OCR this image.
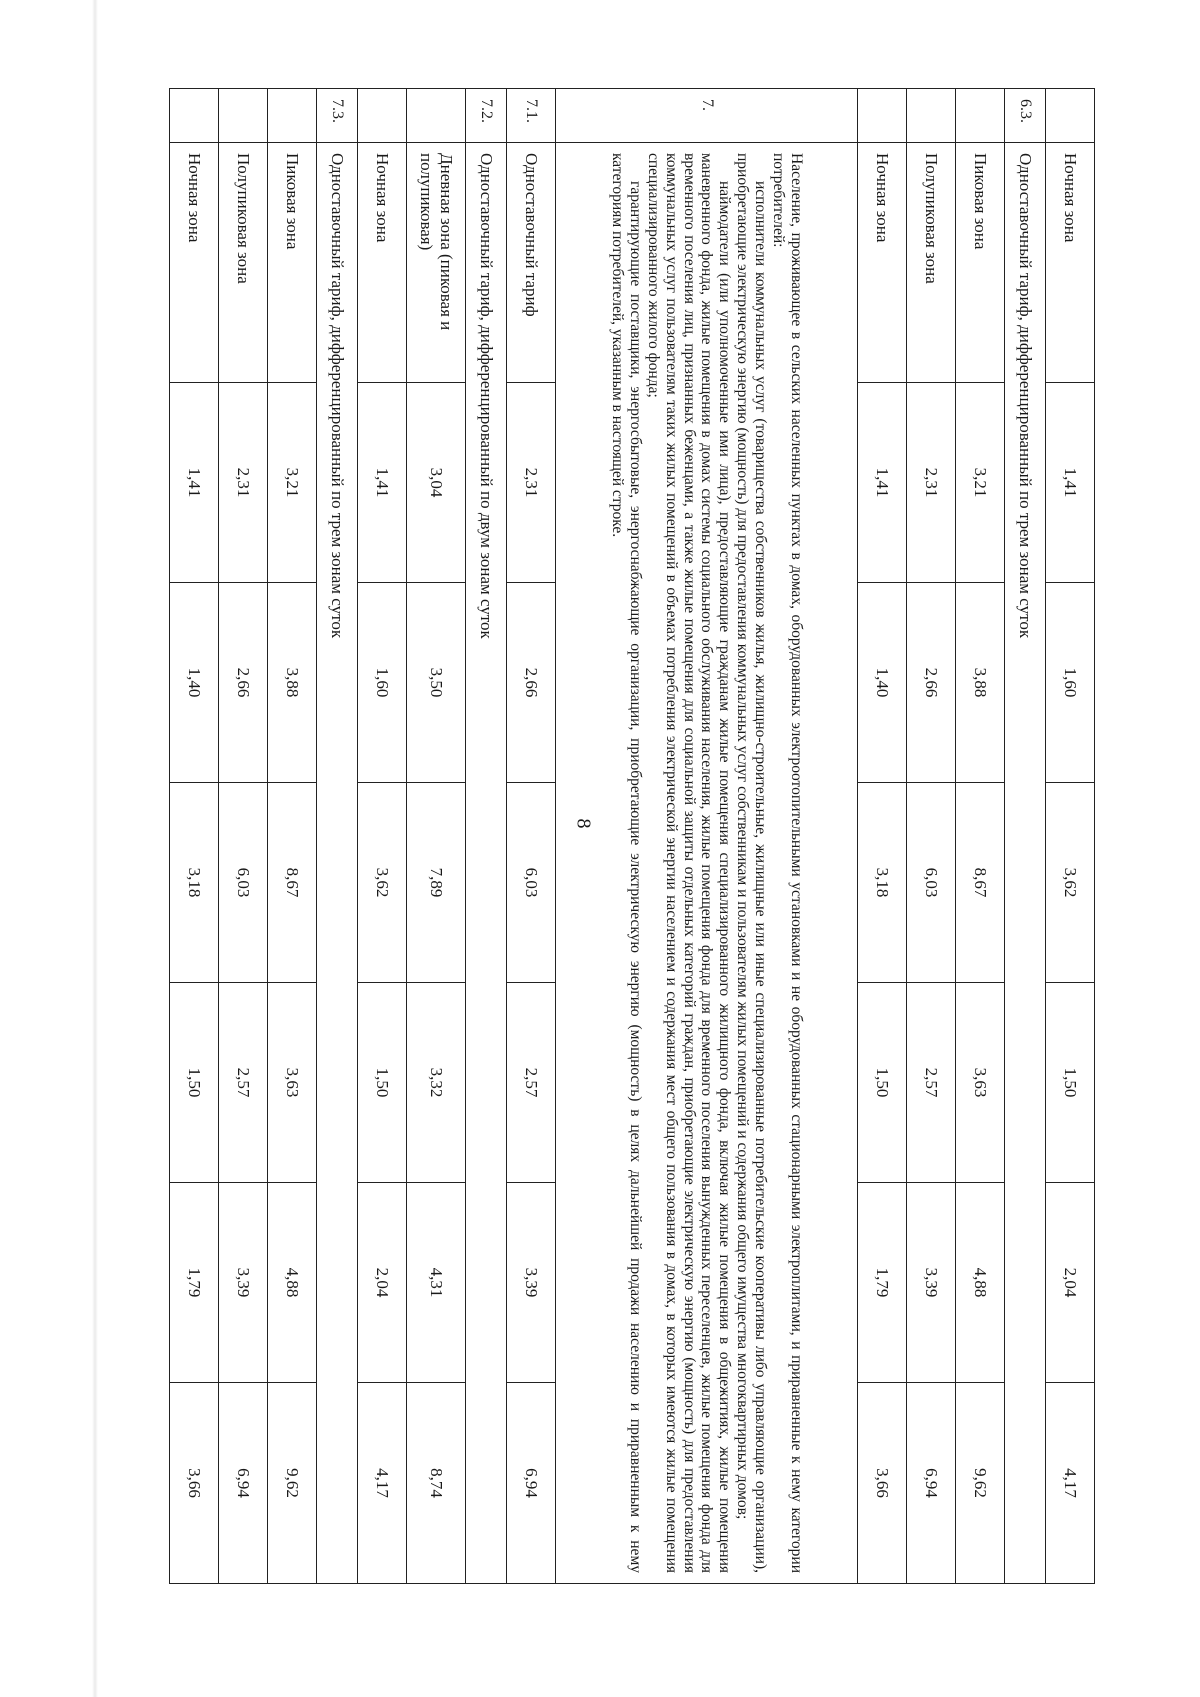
8
	Ночная зона	1,41	1,60	3,62	1,50	2,04	4,17
6.3.	Одноставочный тариф, дифференцированный по трем зонам суток						
	Пиковая зона	3,21	3,88	8,67	3,63	4,88	9,62
	Полупиковая зона	2,31	2,66	6,03	2,57	3,39	6,94
	Ночная зона	1,41	1,40	3,18	1,50	1,79	3,66
7.	Население, проживающее в сельских населенных пунктах в домах, оборудованных электроотопительными установками и не оборудованных стационарными электроплитами, и приравненные к нему категории потребителей:

исполнители коммунальных услуг (товарищества собственников жилья, жилищно-строительные, жилищные или иные специализированные потребительские кооперативы либо управляющие организации), приобретающие электрическую энергию (мощность) для предоставления коммунальных услуг собственникам и пользователям жилых помещений и содержания общего имущества многоквартирных домов;

наймодатели (или уполномоченные ими лица), предоставляющие гражданам жилые помещения специализированного жилищного фонда, включая жилые помещения в общежитиях, жилые помещения маневренного фонда, жилые помещения в домах системы социального обслуживания населения, жилые помещения фонда для временного поселения вынужденных переселенцев, жилые помещения фонда для временного поселения лиц, признанных беженцами, а также жилые помещения для социальной защиты отдельных категорий граждан, приобретающие электрическую энергию (мощность) для предоставления коммунальных услуг пользователям таких жилых помещений в объемах потребления электрической энергии населением и содержания мест общего пользования в домах, в которых имеются жилые помещения специализированного жилого фонда;

гарантирующие поставщики, энергосбытовые, энергоснабжающие организации, приобретающие электрическую энергию (мощность) в целях дальнейшей продажи населению и приравненным к нему категориям потребителей, указанным в настоящей строке.						

7.1.	Одноставочный тариф	2,31	2,66	6,03	2,57	3,39	6,94
7.2.	Одноставочный тариф, дифференцированный по двум зонам суток						
	Дневная зона (пиковая и полупиковая)	3,04	3,50	7,89	3,32	4,31	8,74
	Ночная зона	1,41	1,60	3,62	1,50	2,04	4,17
7.3.	Одноставочный тариф, дифференцированный по трем зонам суток						
	Пиковая зона	3,21	3,88	8,67	3,63	4,88	9,62
	Полупиковая зона	2,31	2,66	6,03	2,57	3,39	6,94
	Ночная зона	1,41	1,40	3,18	1,50	1,79	3,66
